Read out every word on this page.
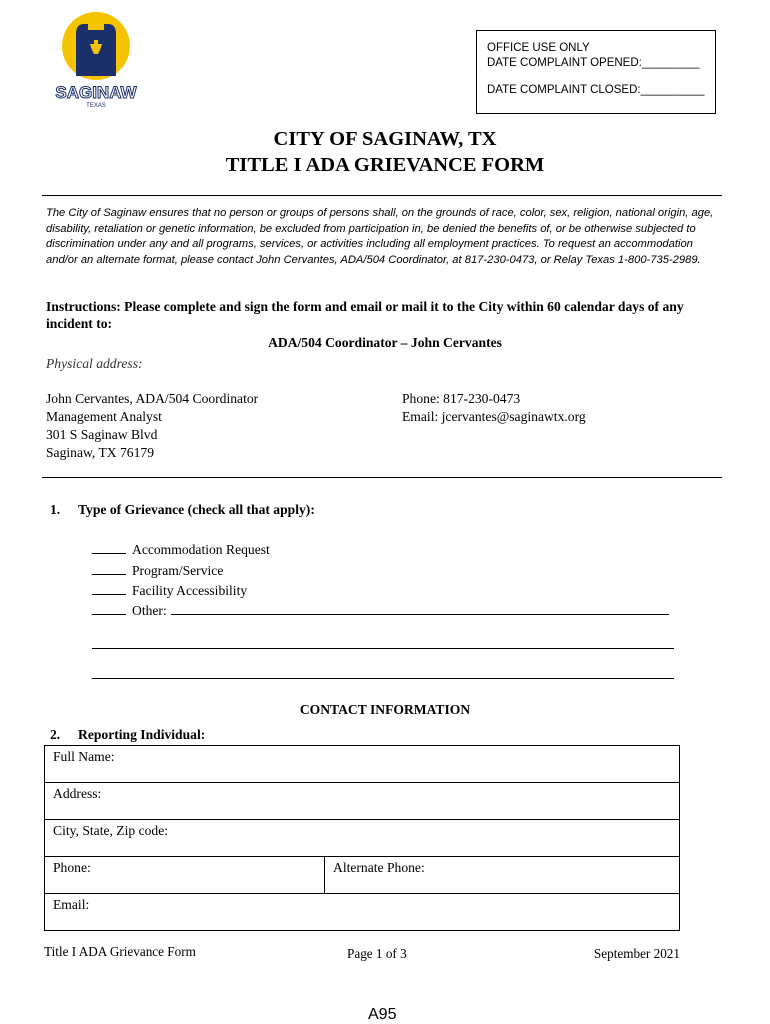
SAGINAW
TEXAS
OFFICE USE ONLY
DATE COMPLAINT OPENED:_________
DATE COMPLAINT CLOSED:__________
CITY OF SAGINAW, TX
TITLE I ADA GRIEVANCE FORM
The City of Saginaw ensures that no person or groups of persons shall, on the grounds of race, color, sex, religion, national origin, age, disability, retaliation or genetic information, be excluded from participation in, be denied the benefits of, or be otherwise subjected to discrimination under any and all programs, services, or activities including all employment practices. To request an accommodation and/or an alternate format, please contact John Cervantes, ADA/504 Coordinator, at 817-230-0473, or Relay Texas 1-800-735-2989.
Instructions: Please complete and sign the form and email or mail it to the City within 60 calendar days of any incident to:
ADA/504 Coordinator – John Cervantes
Physical address:
John Cervantes, ADA/504 Coordinator
Management Analyst
301 S Saginaw Blvd
Saginaw, TX 76179
Phone: 817-230-0473
Email: jcervantes@saginawtx.org
1. Type of Grievance (check all that apply):
Accommodation Request
Program/Service
Facility Accessibility
Other:
CONTACT INFORMATION
2. Reporting Individual:
Full Name:
Address:
City, State, Zip code:
Phone:	Alternate Phone:
Email:
Title I ADA Grievance Form	Page 1 of 3	September 2021
A95
